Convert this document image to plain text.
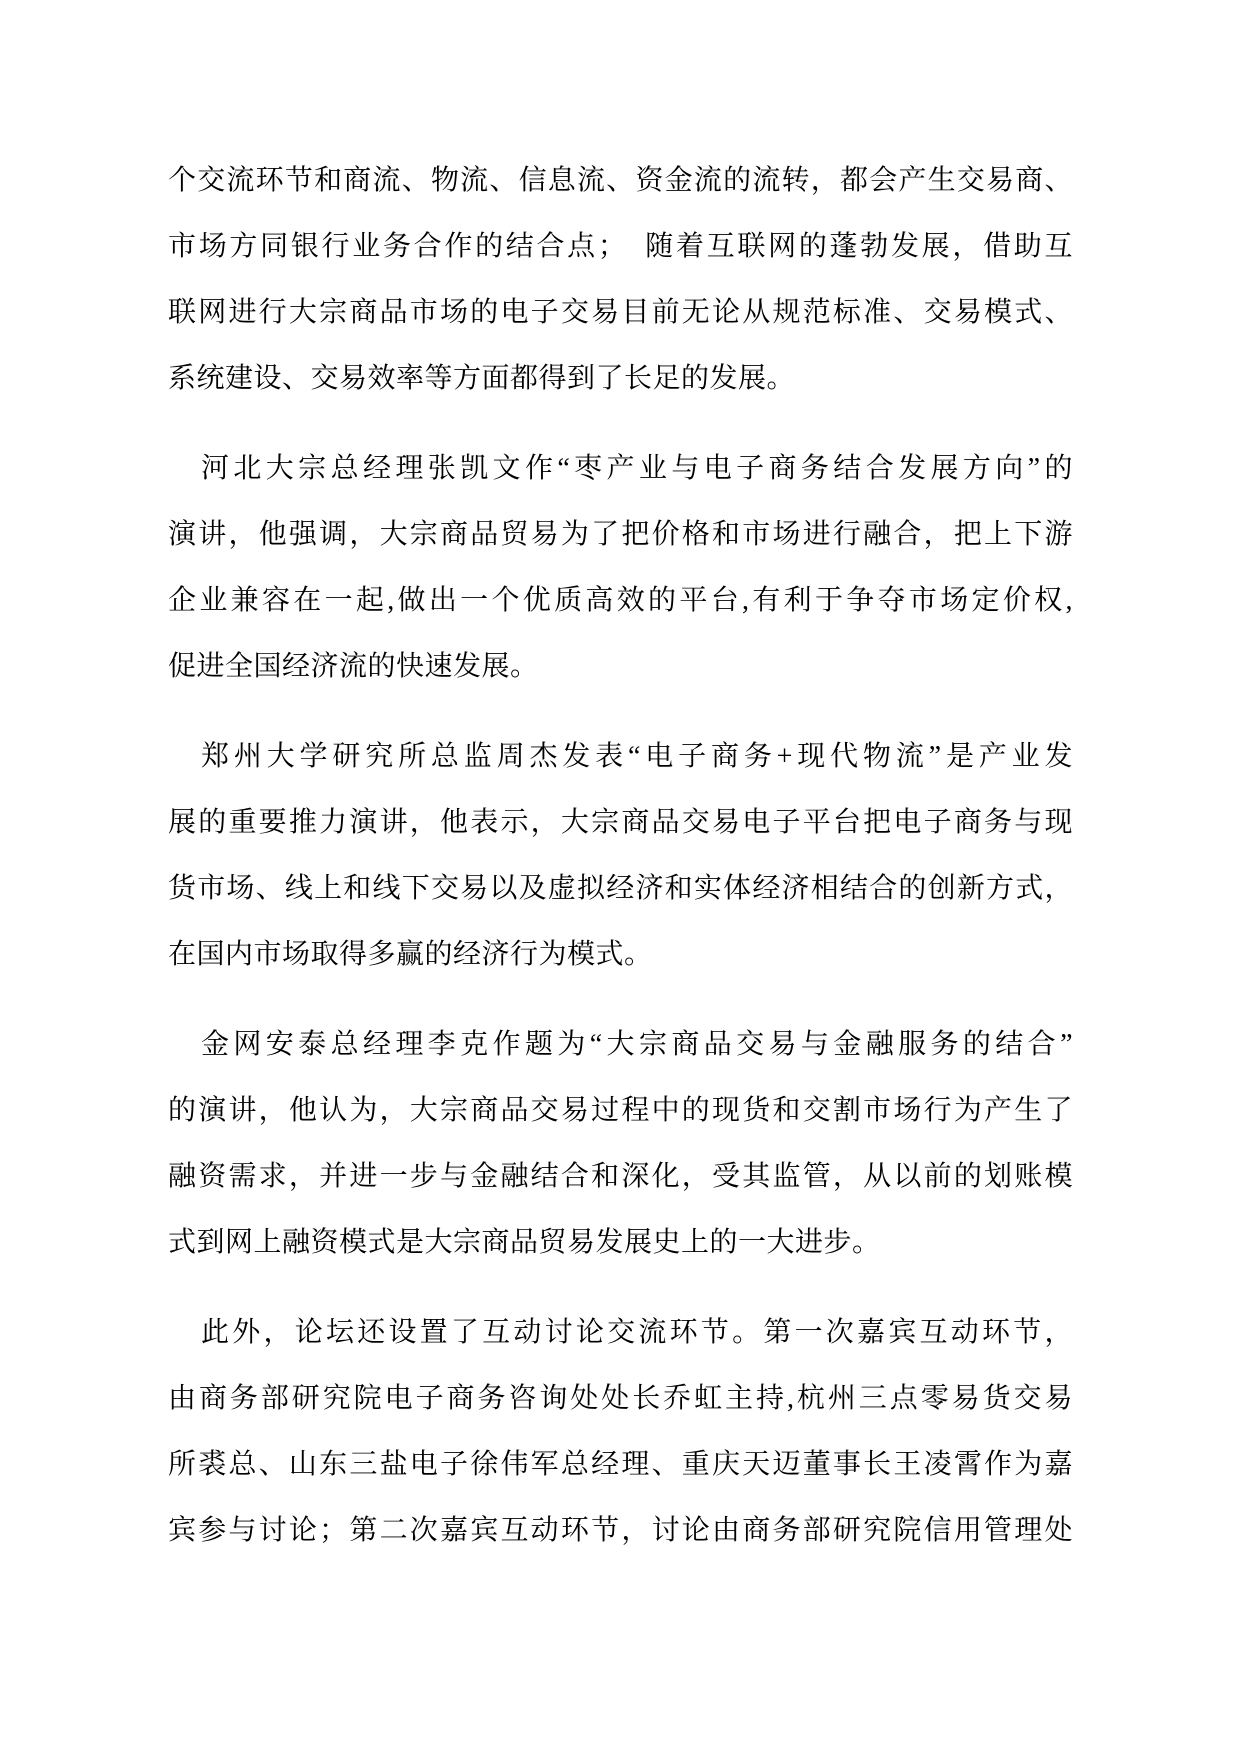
个交流环节和商流、物流、信息流、资金流的流转，都会产生交易商、
市场方同银行业务合作的结合点；　随着互联网的蓬勃发展，借助互
联网进行大宗商品市场的电子交易目前无论从规范标准、交易模式、
系统建设、交易效率等方面都得到了长足的发展。
河北大宗总经理张凯文作“枣产业与电子商务结合发展方向”的
演讲，他强调，大宗商品贸易为了把价格和市场进行融合，把上下游
企业兼容在一起,做出一个优质高效的平台,有利于争夺市场定价权,
促进全国经济流的快速发展。
郑州大学研究所总监周杰发表“电子商务+现代物流”是产业发
展的重要推力演讲，他表示，大宗商品交易电子平台把电子商务与现
货市场、线上和线下交易以及虚拟经济和实体经济相结合的创新方式，
在国内市场取得多赢的经济行为模式。
金网安泰总经理李克作题为“大宗商品交易与金融服务的结合”
的演讲，他认为，大宗商品交易过程中的现货和交割市场行为产生了
融资需求，并进一步与金融结合和深化，受其监管，从以前的划账模
式到网上融资模式是大宗商品贸易发展史上的一大进步。
此外，论坛还设置了互动讨论交流环节。第一次嘉宾互动环节，
由商务部研究院电子商务咨询处处长乔虹主持,杭州三点零易货交易
所裘总、山东三盐电子徐伟军总经理、重庆天迈董事长王凌霄作为嘉
宾参与讨论；第二次嘉宾互动环节，讨论由商务部研究院信用管理处
